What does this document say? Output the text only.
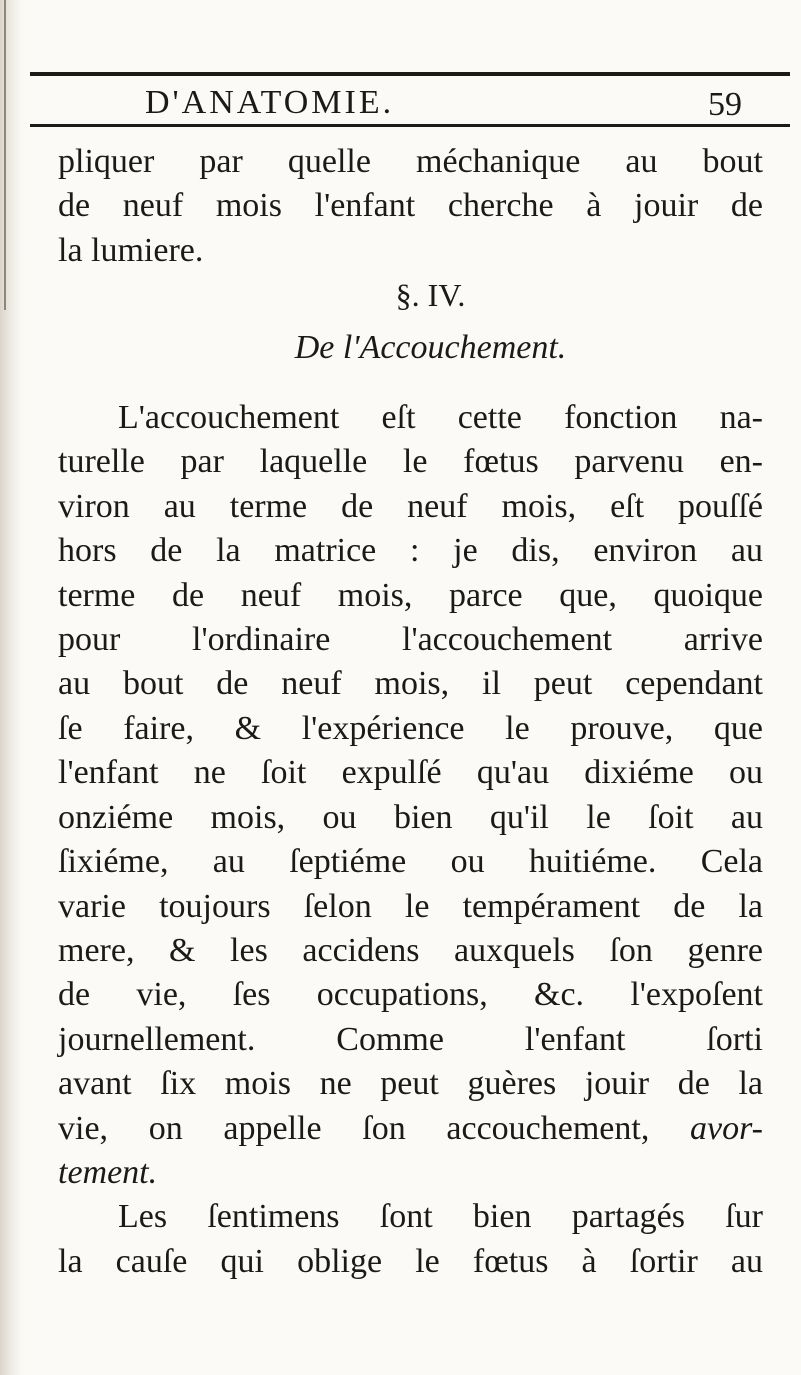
D'ANATOMIE.	59
pliquer par quelle méchanique au bout
de neuf mois l'enfant cherche à jouir de
la lumiere.
§. IV.
De l'Accouchement.
L'accouchement eſt cette fonction na-
turelle par laquelle le fœtus parvenu en-
viron au terme de neuf mois, eſt pouſſé
hors de la matrice : je dis, environ au
terme de neuf mois, parce que, quoique
pour l'ordinaire l'accouchement arrive
au bout de neuf mois, il peut cependant
ſe faire, & l'expérience le prouve, que
l'enfant ne ſoit expulſé qu'au dixiéme ou
onziéme mois, ou bien qu'il le ſoit au
ſixiéme, au ſeptiéme ou huitiéme. Cela
varie toujours ſelon le tempérament de la
mere, & les accidens auxquels ſon genre
de vie, ſes occupations, &c. l'expoſent
journellement. Comme l'enfant ſorti
avant ſix mois ne peut guères jouir de la
vie, on appelle ſon accouchement, avor-
tement.
Les ſentimens ſont bien partagés ſur
la cauſe qui oblige le fœtus à ſortir au
